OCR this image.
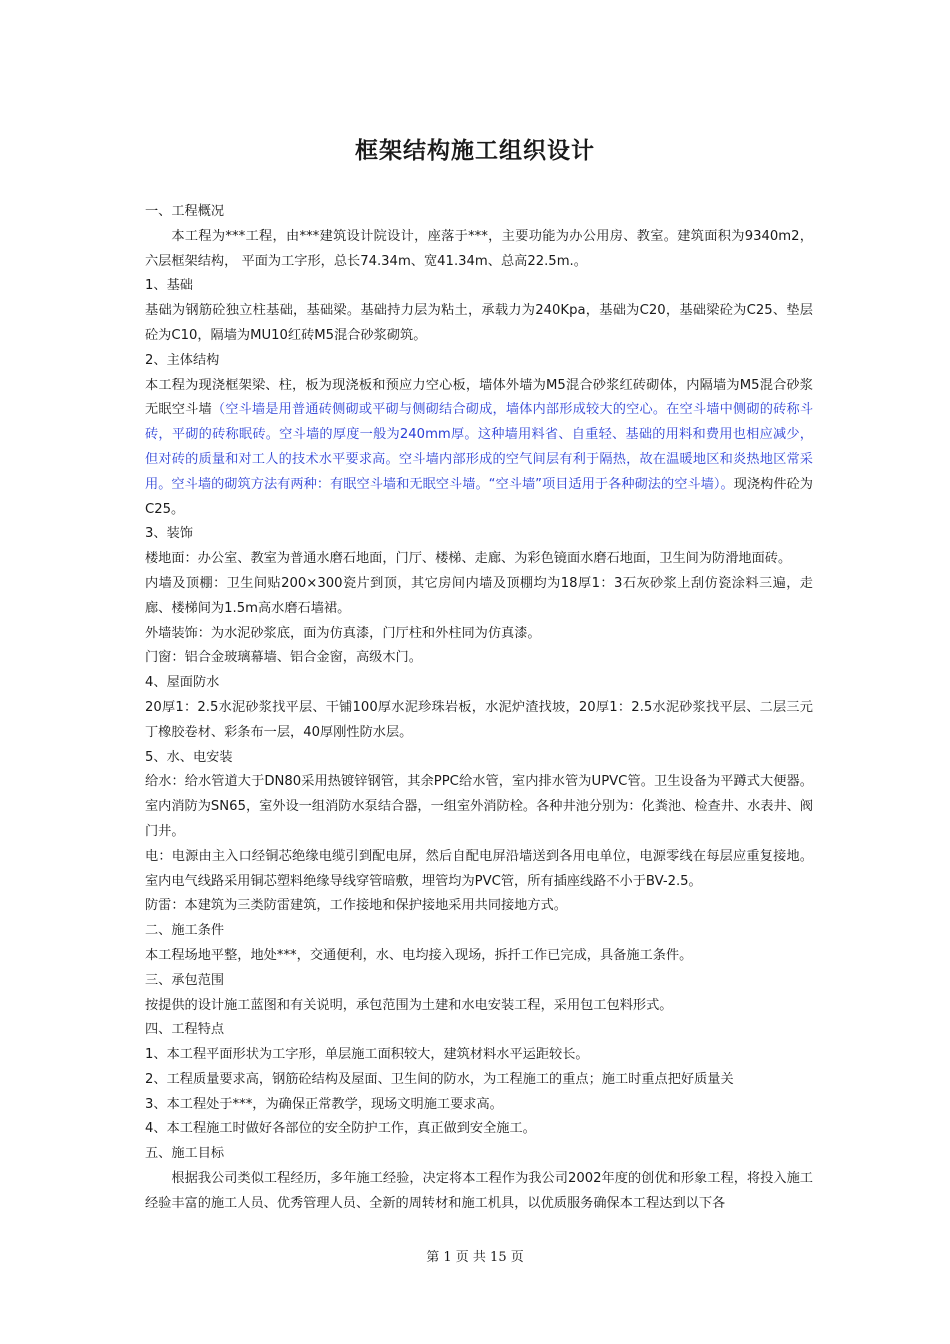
框架结构施工组织设计

一、工程概况

本工程为***工程，由***建筑设计院设计，座落于***，主要功能为办公用房、教室。建筑面积为9340m2，六层框架结构， 平面为工字形，总长74.34m、宽41.34m、总高22.5m.。

1、基础

基础为钢筋砼独立柱基础，基础梁。基础持力层为粘土，承载力为240Kpa，基础为C20，基础梁砼为C25、垫层砼为C10，隔墙为MU10红砖M5混合砂浆砌筑。

2、主体结构

本工程为现浇框架梁、柱，板为现浇板和预应力空心板，墙体外墙为M5混合砂浆红砖砌体，内隔墙为M5混合砂浆无眠空斗墙（空斗墙是用普通砖侧砌或平砌与侧砌结合砌成，墙体内部形成较大的空心。在空斗墙中侧砌的砖称斗砖，平砌的砖称眠砖。空斗墙的厚度一般为240mm厚。这种墙用料省、自重轻、基础的用料和费用也相应减少，但对砖的质量和对工人的技术水平要求高。空斗墙内部形成的空气间层有利于隔热，故在温暖地区和炎热地区常采用。空斗墙的砌筑方法有两种：有眠空斗墙和无眠空斗墙。“空斗墙”项目适用于各种砌法的空斗墙）。现浇构件砼为C25。

3、装饰

楼地面：办公室、教室为普通水磨石地面，门厅、楼梯、走廊、为彩色镜面水磨石地面，卫生间为防滑地面砖。

内墙及顶棚：卫生间贴200×300瓷片到顶，其它房间内墙及顶棚均为18厚1：3石灰砂浆上刮仿瓷涂料三遍，走廊、楼梯间为1.5m高水磨石墙裙。

外墙装饰：为水泥砂浆底，面为仿真漆，门厅柱和外柱同为仿真漆。

门窗：铝合金玻璃幕墙、铝合金窗，高级木门。

4、屋面防水

20厚1：2.5水泥砂浆找平层、干铺100厚水泥珍珠岩板，水泥炉渣找坡，20厚1：2.5水泥砂浆找平层、二层三元丁橡胶卷材、彩条布一层，40厚刚性防水层。

5、水、电安装

给水：给水管道大于DN80采用热镀锌钢管，其余PPC给水管，室内排水管为UPVC管。卫生设备为平蹲式大便器。室内消防为SN65，室外设一组消防水泵结合器，一组室外消防栓。各种井池分别为：化粪池、检查井、水表井、阀门井。

电：电源由主入口经铜芯绝缘电缆引到配电屏，然后自配电屏沿墙送到各用电单位，电源零线在每层应重复接地。室内电气线路采用铜芯塑料绝缘导线穿管暗敷，埋管均为PVC管，所有插座线路不小于BV-2.5。

防雷：本建筑为三类防雷建筑，工作接地和保护接地采用共同接地方式。

二、施工条件

本工程场地平整，地处***，交通便利，水、电均接入现场，拆扦工作已完成，具备施工条件。

三、承包范围

按提供的设计施工蓝图和有关说明，承包范围为土建和水电安装工程，采用包工包料形式。

四、工程特点

1、本工程平面形状为工字形，单层施工面积较大，建筑材料水平运距较长。

2、工程质量要求高，钢筋砼结构及屋面、卫生间的防水，为工程施工的重点；施工时重点把好质量关

3、本工程处于***，为确保正常教学，现场文明施工要求高。

4、本工程施工时做好各部位的安全防护工作，真正做到安全施工。

五、施工目标

根据我公司类似工程经历，多年施工经验，决定将本工程作为我公司2002年度的创优和形象工程，将投入施工经验丰富的施工人员、优秀管理人员、全新的周转材和施工机具，以优质服务确保本工程达到以下各

第 1 页 共 15 页
